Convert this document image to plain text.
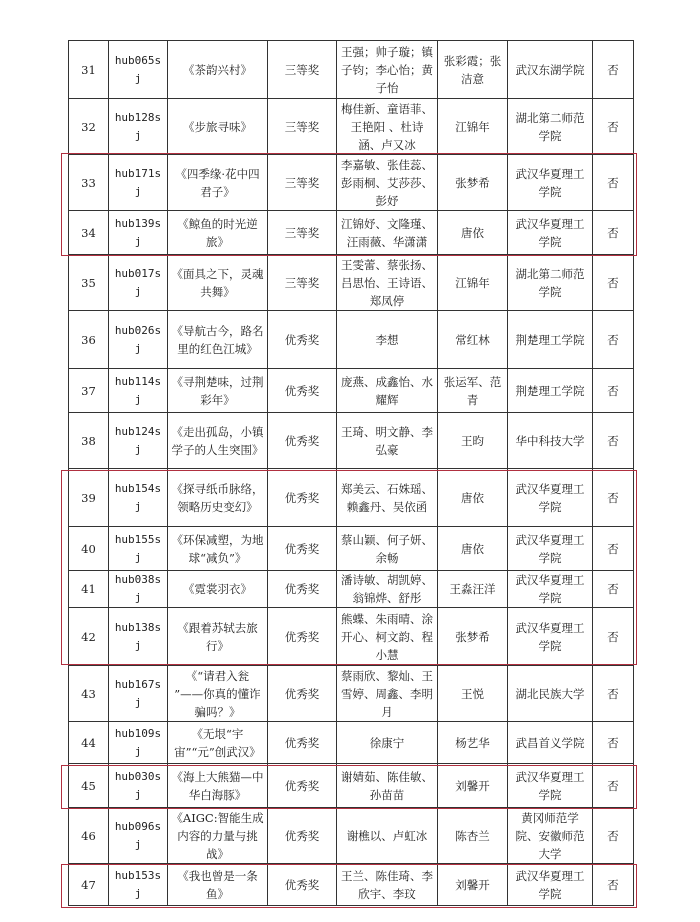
31	hub065sj	《茶韵兴村》	三等奖	王强；帅子璇；镇子钧；李心怡；黄子怡	张彩霞；张洁意	武汉东湖学院	否
32	hub128sj	《步旅寻味》	三等奖	梅佳新、童语菲、王艳阳 、杜诗涵、卢又冰	江锦年	湖北第二师范学院	否
33	hub171sj	《四季缘·花中四君子》	三等奖	李嘉敏、张佳蕊、彭雨桐、艾莎莎、彭妤	张梦希	武汉华夏理工学院	否
34	hub139sj	《鲸鱼的时光逆旅》	三等奖	江锦妤、文隆瑾、汪雨薇、华潇潇	唐依	武汉华夏理工学院	否
35	hub017sj	《面具之下，灵魂共舞》	三等奖	王雯蕾、蔡张扬、吕思怡、王诗语、郑凤停	江锦年	湖北第二师范学院	否
36	hub026sj	《导航古今，路名里的红色江城》	优秀奖	李想	常红林	荆楚理工学院	否
37	hub114sj	《寻荆楚味，过荆彩年》	优秀奖	庞燕、成鑫怡、水耀辉	张运军、范青	荆楚理工学院	否
38	hub124sj	《走出孤岛，小镇学子的人生突围》	优秀奖	王琦、明文静、李弘豪	王昀	华中科技大学	否
39	hub154sj	《探寻纸币脉络，领略历史变幻》	优秀奖	郑美云、石姝瑶、赖鑫丹、吴依函	唐依	武汉华夏理工学院	否
40	hub155sj	《环保减塑，为地球“减负”》	优秀奖	蔡山颖、何子妍、余畅	唐依	武汉华夏理工学院	否
41	hub038sj	《霓裳羽衣》	优秀奖	潘诗敏、胡凯婷、翁锦烨、舒彤	王淼汪洋	武汉华夏理工学院	否
42	hub138sj	《跟着苏轼去旅行》	优秀奖	熊蝶、朱雨晴、涂开心、柯文韵、程小慧	张梦希	武汉华夏理工学院	否
43	hub167sj	《“请君入瓮 ”——你真的懂诈骗吗？》	优秀奖	蔡雨欣、黎灿、王雪婷、周鑫、李明月	王悦	湖北民族大学	否
44	hub109sj	《无垠“宇宙”“元”创武汉》	优秀奖	徐康宁	杨艺华	武昌首义学院	否
45	hub030sj	《海上大熊猫—中华白海豚》	优秀奖	谢婧茹、陈佳敏、孙苗苗	刘馨开	武汉华夏理工学院	否
46	hub096sj	《AIGC:智能生成内容的力量与挑战》	优秀奖	谢樵以、卢虹冰	陈杏兰	黄冈师范学院、安徽师范大学	否
47	hub153sj	《我也曾是一条鱼》	优秀奖	王兰、陈佳琦、李欣宇、李玟	刘馨开	武汉华夏理工学院	否
